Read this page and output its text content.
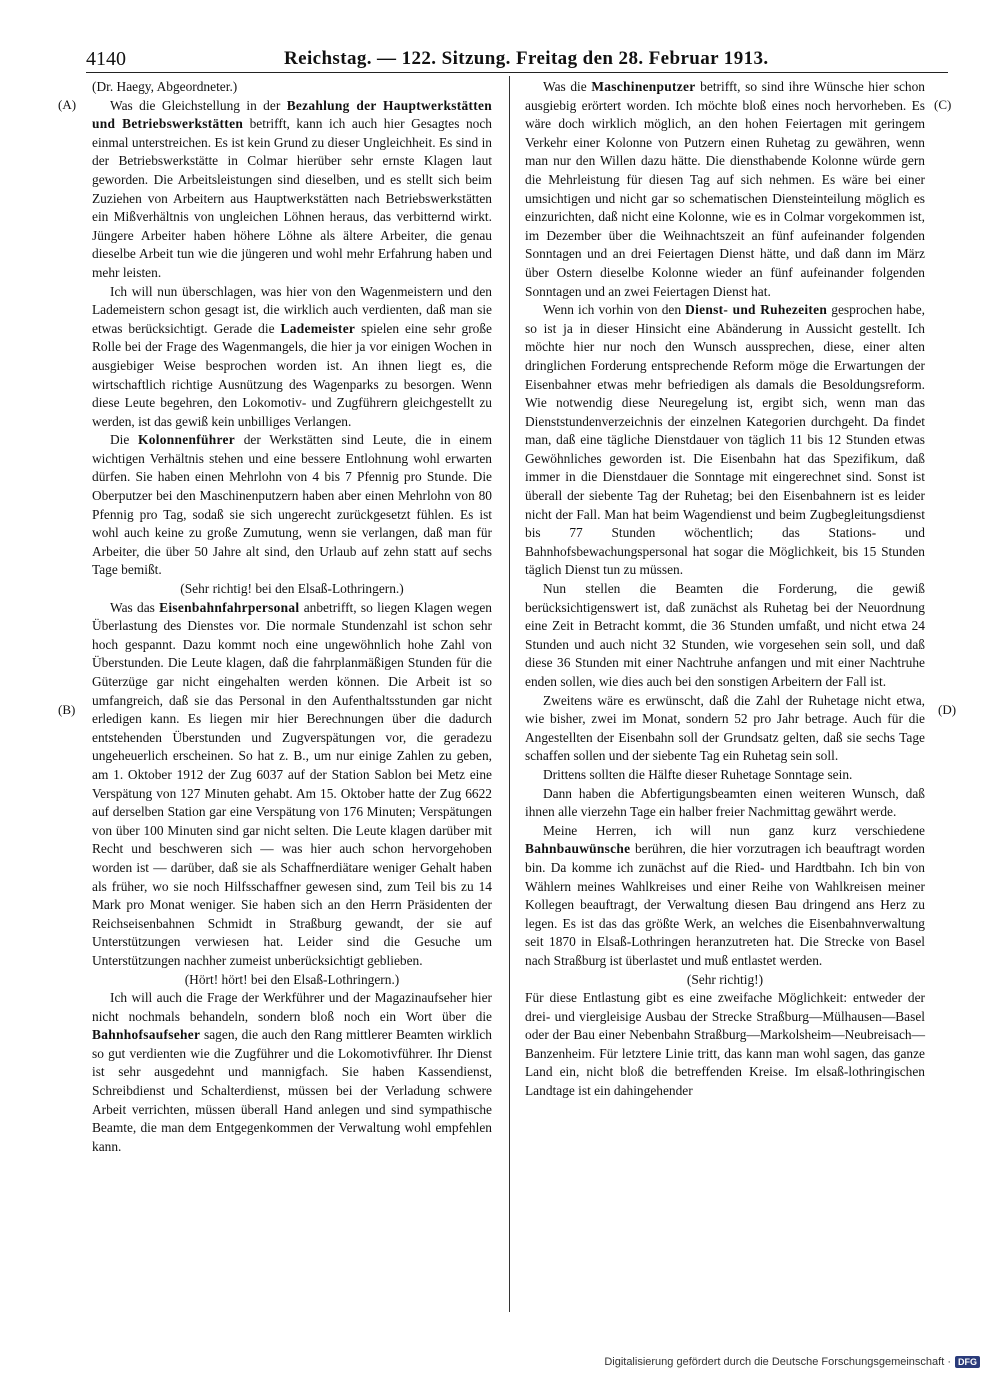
4140	Reichstag. — 122. Sitzung. Freitag den 28. Februar 1913.
(A)
(B)
(C)
(D)

(Dr. Haegy, Abgeordneter.)

Was die Gleichstellung in der Bezahlung der Hauptwerkstätten und Betriebswerkstätten betrifft, kann ich auch hier Gesagtes noch einmal unterstreichen. Es ist kein Grund zu dieser Ungleichheit. Es sind in der Betriebswerkstätte in Colmar hierüber sehr ernste Klagen laut geworden. Die Arbeitsleistungen sind dieselben, und es stellt sich beim Zuziehen von Arbeitern aus Hauptwerkstätten nach Betriebswerkstätten ein Mißverhältnis von ungleichen Löhnen heraus, das verbitternd wirkt. Jüngere Arbeiter haben höhere Löhne als ältere Arbeiter, die genau dieselbe Arbeit tun wie die jüngeren und wohl mehr Erfahrung haben und mehr leisten.

Ich will nun überschlagen, was hier von den Wagenmeistern und den Lademeistern schon gesagt ist, die wirklich auch verdienten, daß man sie etwas berücksichtigt. Gerade die Lademeister spielen eine sehr große Rolle bei der Frage des Wagenmangels, die hier ja vor einigen Wochen in ausgiebiger Weise besprochen worden ist. An ihnen liegt es, die wirtschaftlich richtige Ausnützung des Wagenparks zu besorgen. Wenn diese Leute begehren, den Lokomotiv- und Zugführern gleichgestellt zu werden, ist das gewiß kein unbilliges Verlangen.

Die Kolonnenführer der Werkstätten sind Leute, die in einem wichtigen Verhältnis stehen und eine bessere Entlohnung wohl erwarten dürfen. Sie haben einen Mehrlohn von 4 bis 7 Pfennig pro Stunde. Die Oberputzer bei den Maschinenputzern haben aber einen Mehrlohn von 80 Pfennig pro Tag, sodaß sie sich ungerecht zurückgesetzt fühlen. Es ist wohl auch keine zu große Zumutung, wenn sie verlangen, daß man für Arbeiter, die über 50 Jahre alt sind, den Urlaub auf zehn statt auf sechs Tage bemißt.

(Sehr richtig! bei den Elsaß-Lothringern.)

Was das Eisenbahnfahrpersonal anbetrifft, so liegen Klagen wegen Überlastung des Dienstes vor. Die normale Stundenzahl ist schon sehr hoch gespannt. Dazu kommt noch eine ungewöhnlich hohe Zahl von Überstunden. Die Leute klagen, daß die fahrplanmäßigen Stunden für die Güterzüge gar nicht eingehalten werden können. Die Arbeit ist so umfangreich, daß sie das Personal in den Aufenthaltsstunden gar nicht erledigen kann. Es liegen mir hier Berechnungen über die dadurch entstehenden Überstunden und Zugverspätungen vor, die geradezu ungeheuerlich erscheinen. So hat z. B., um nur einige Zahlen zu geben, am 1. Oktober 1912 der Zug 6037 auf der Station Sablon bei Metz eine Verspätung von 127 Minuten gehabt. Am 15. Oktober hatte der Zug 6622 auf derselben Station gar eine Verspätung von 176 Minuten; Verspätungen von über 100 Minuten sind gar nicht selten. Die Leute klagen darüber mit Recht und beschweren sich — was hier auch schon hervorgehoben worden ist — darüber, daß sie als Schaffnerdiätare weniger Gehalt haben als früher, wo sie noch Hilfsschaffner gewesen sind, zum Teil bis zu 14 Mark pro Monat weniger. Sie haben sich an den Herrn Präsidenten der Reichseisenbahnen Schmidt in Straßburg gewandt, der sie auf Unterstützungen verwiesen hat. Leider sind die Gesuche um Unterstützungen nachher zumeist unberücksichtigt geblieben.

(Hört! hört! bei den Elsaß-Lothringern.)

Ich will auch die Frage der Werkführer und der Magazinaufseher hier nicht nochmals behandeln, sondern bloß noch ein Wort über die Bahnhofsaufseher sagen, die auch den Rang mittlerer Beamten wirklich so gut verdienten wie die Zugführer und die Lokomotivführer. Ihr Dienst ist sehr ausgedehnt und mannigfach. Sie haben Kassendienst, Schreibdienst und Schalterdienst, müssen bei der Verladung schwere Arbeit verrichten, müssen überall Hand anlegen und sind sympathische Beamte, die man dem Entgegenkommen der Verwaltung wohl empfehlen kann.

Was die Maschinenputzer betrifft, so sind ihre Wünsche hier schon ausgiebig erörtert worden. Ich möchte bloß eines noch hervorheben. Es wäre doch wirklich möglich, an den hohen Feiertagen mit geringem Verkehr einer Kolonne von Putzern einen Ruhetag zu gewähren, wenn man nur den Willen dazu hätte. Die diensthabende Kolonne würde gern die Mehrleistung für diesen Tag auf sich nehmen. Es wäre bei einer umsichtigen und nicht gar so schematischen Diensteinteilung möglich es einzurichten, daß nicht eine Kolonne, wie es in Colmar vorgekommen ist, im Dezember über die Weihnachtszeit an fünf aufeinander folgenden Sonntagen und an drei Feiertagen Dienst hätte, und daß dann im März über Ostern dieselbe Kolonne wieder an fünf aufeinander folgenden Sonntagen und an zwei Feiertagen Dienst hat.

Wenn ich vorhin von den Dienst- und Ruhezeiten gesprochen habe, so ist ja in dieser Hinsicht eine Abänderung in Aussicht gestellt. Ich möchte hier nur noch den Wunsch aussprechen, diese, einer alten dringlichen Forderung entsprechende Reform möge die Erwartungen der Eisenbahner etwas mehr befriedigen als damals die Besoldungsreform. Wie notwendig diese Neuregelung ist, ergibt sich, wenn man das Dienststundenverzeichnis der einzelnen Kategorien durchgeht. Da findet man, daß eine tägliche Dienstdauer von täglich 11 bis 12 Stunden etwas Gewöhnliches geworden ist. Die Eisenbahn hat das Spezifikum, daß immer in die Dienstdauer die Sonntage mit eingerechnet sind. Sonst ist überall der siebente Tag der Ruhetag; bei den Eisenbahnern ist es leider nicht der Fall. Man hat beim Wagendienst und beim Zugbegleitungsdienst bis 77 Stunden wöchentlich; das Stations- und Bahnhofsbewachungspersonal hat sogar die Möglichkeit, bis 15 Stunden täglich Dienst tun zu müssen.

Nun stellen die Beamten die Forderung, die gewiß berücksichtigenswert ist, daß zunächst als Ruhetag bei der Neuordnung eine Zeit in Betracht kommt, die 36 Stunden umfaßt, und nicht etwa 24 Stunden und auch nicht 32 Stunden, wie vorgesehen sein soll, und daß diese 36 Stunden mit einer Nachtruhe anfangen und mit einer Nachtruhe enden sollen, wie dies auch bei den sonstigen Arbeitern der Fall ist.

Zweitens wäre es erwünscht, daß die Zahl der Ruhetage nicht etwa, wie bisher, zwei im Monat, sondern 52 pro Jahr betrage. Auch für die Angestellten der Eisenbahn soll der Grundsatz gelten, daß sie sechs Tage schaffen sollen und der siebente Tag ein Ruhetag sein soll.

Drittens sollten die Hälfte dieser Ruhetage Sonntage sein.

Dann haben die Abfertigungsbeamten einen weiteren Wunsch, daß ihnen alle vierzehn Tage ein halber freier Nachmittag gewährt werde.

Meine Herren, ich will nun ganz kurz verschiedene Bahnbauwünsche berühren, die hier vorzutragen ich beauftragt worden bin. Da komme ich zunächst auf die Ried- und Hardtbahn. Ich bin von Wählern meines Wahlkreises und einer Reihe von Wahlkreisen meiner Kollegen beauftragt, der Verwaltung diesen Bau dringend ans Herz zu legen. Es ist das das größte Werk, an welches die Eisenbahnverwaltung seit 1870 in Elsaß-Lothringen heranzutreten hat. Die Strecke von Basel nach Straßburg ist überlastet und muß entlastet werden.

(Sehr richtig!)

Für diese Entlastung gibt es eine zweifache Möglichkeit: entweder der drei- und viergleisige Ausbau der Strecke Straßburg—Mülhausen—Basel oder der Bau einer Nebenbahn Straßburg—Markolsheim—Neubreisach—Banzenheim. Für letztere Linie tritt, das kann man wohl sagen, das ganze Land ein, nicht bloß die betreffenden Kreise. Im elsaß-lothringischen Landtage ist ein dahingehender

Digitalisierung gefördert durch die Deutsche Forschungsgemeinschaft · DFG
